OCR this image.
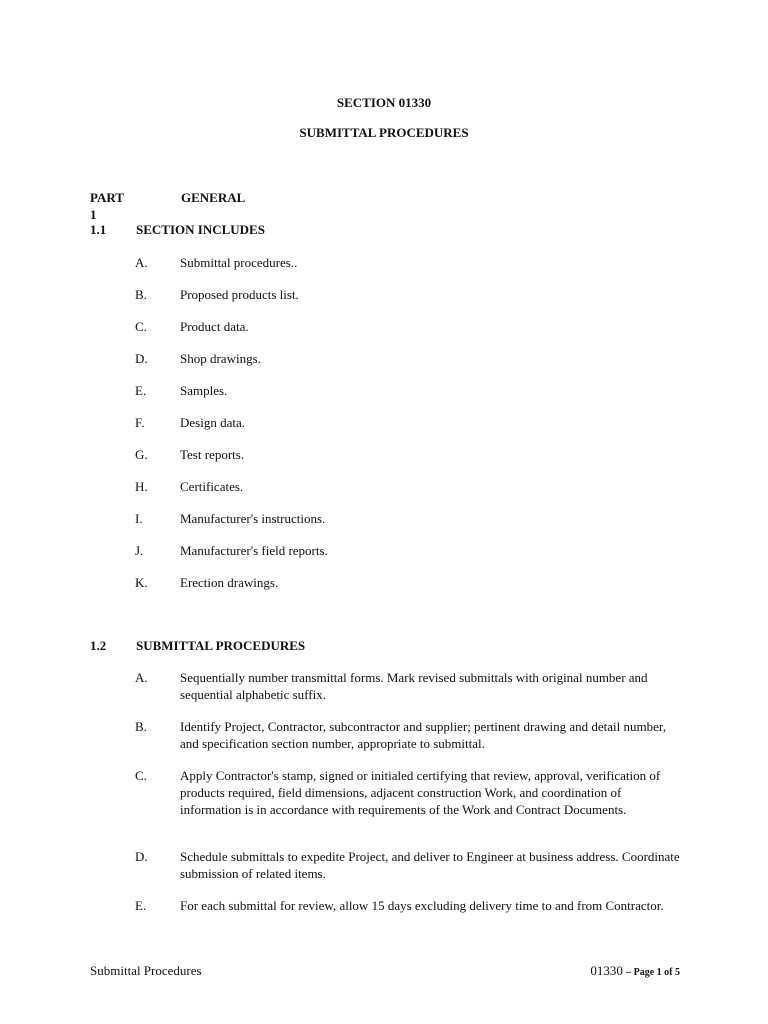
SECTION 01330
SUBMITTAL PROCEDURES
PART 1
GENERAL
1.1 SECTION INCLUDES
A. Submittal procedures..
B.	Proposed products list.
C.	Product data.
D. Shop drawings.
E.	Samples.
F.	Design data.
G. Test reports.
H. Certificates.
I.	Manufacturer's instructions.
J.	Manufacturer's field reports.
K. Erection drawings.
1.2 SUBMITTAL PROCEDURES
A. Sequentially number transmittal forms. Mark revised submittals with original number and sequential alphabetic suffix.
B.	Identify Project, Contractor, subcontractor and supplier; pertinent drawing and detail number, and specification section number, appropriate to submittal.
C.	Apply Contractor's stamp, signed or initialed certifying that review, approval, verification of products required, field dimensions, adjacent construction Work, and coordination of information is in accordance with requirements of the Work and Contract Documents.
D. Schedule submittals to expedite Project, and deliver to Engineer at business address. Coordinate submission of related items.
E.	For each submittal for review, allow 15 days excluding delivery time to and from Contractor.
Submittal Procedures	01330 – Page 1 of 5
